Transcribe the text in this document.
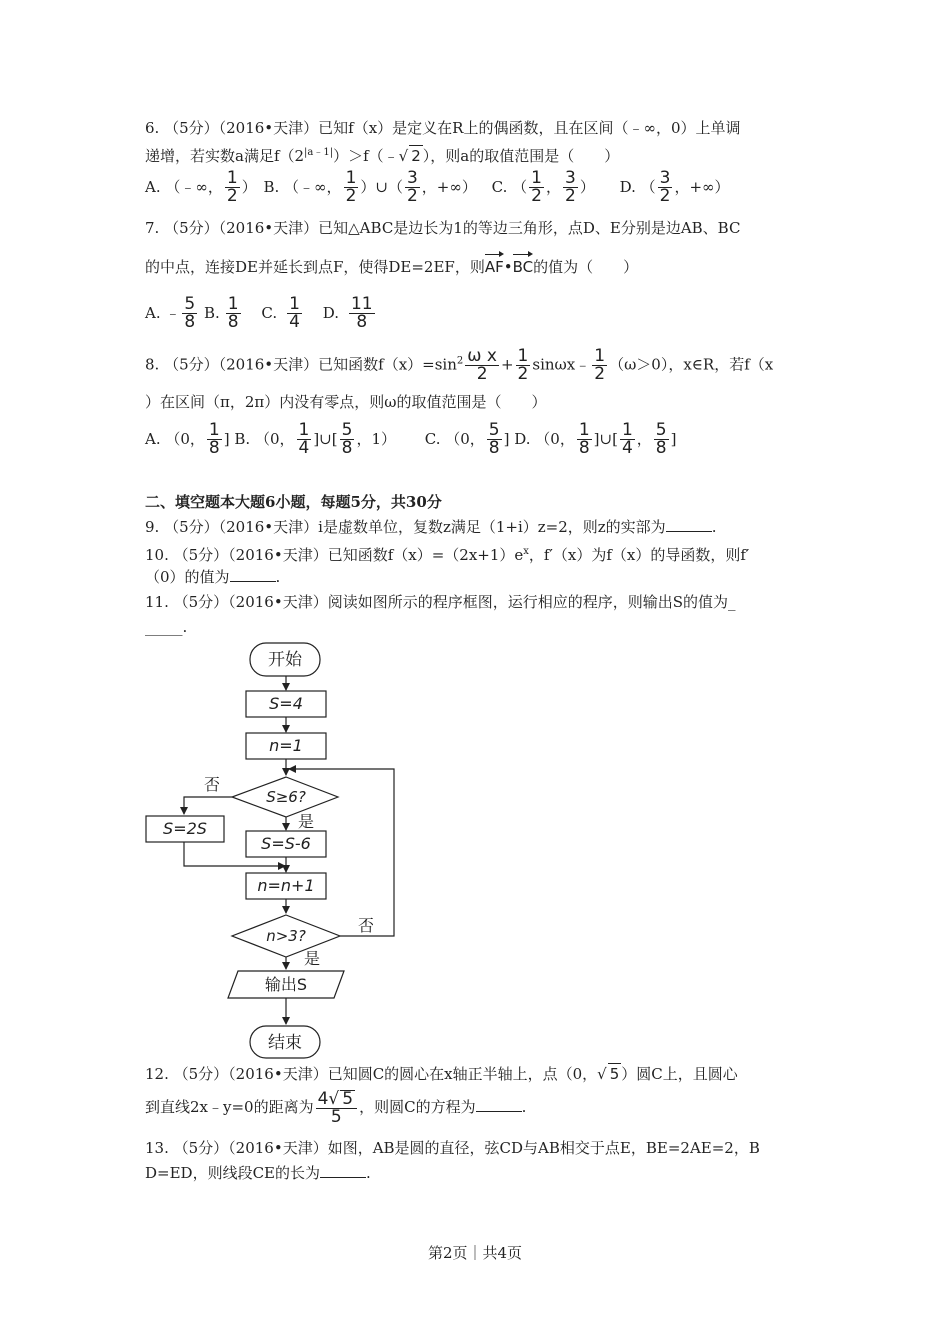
6. （5分）（2016•天津）已知f（x）是定义在R上的偶函数，且在区间（﹣∞，0）上单调
递增，若实数a满足$f(2^{|a﹣1|})>f(﹣√$ 2 ），则a的取值范围是（　　）
A. （﹣∞， $\frac{1}{2}$ ） B. （﹣∞， $\frac{1}{2}$ ）∪（ $\frac{3}{2}$ ，+∞） C. （ $\frac{1}{2}$ ， $\frac{3}{2}$ ） D. （ $\frac{3}{2}$ ，+∞）
7. （5分）（2016•天津）已知△ABC是边长为1的等边三角形，点D、E分别是边AB、BC
的中点，连接DE并延长到点F，使得DE=2EF，则AF•BC的值为（　　）
A. ﹣ $\frac{5}{8} B$. $\frac{1}{8} C$. $\frac{1}{4} D$. $\frac{11}{8}$
8. （5分）（2016•天津）已知函数$f(x)=\sin^2 \frac{\text{ω x}}{2} + \frac{1}{2}$ sinωx﹣ $\frac{1}{2} (\omega>0)$，x∈R，若f（x
）在区间（π，2π）内没有零点，则ω的取值范围是（　　）
A. （0， $\frac{1}{8}$ ] B. （0， $\frac{1}{4}$ ]∪[ $\frac{5}{8}$ ，1） C. （0， $\frac{5}{8}$ ] D. （0， $\frac{1}{8}$ ]∪[ $\frac{1}{4}$ ， $\frac{5}{8}$ ]
二、填空题本大题6小题，每题5分，共30分
9. （5分）（2016•天津）i是虚数单位，复数z满足（1+i）z=2，则z的实部为	.
10. （5分）（2016•天津）已知函数$f(x)=(2x+1)e^x$，f′（x）为f（x）的导函数，则f′
（0）的值为	.
11. （5分）（2016•天津）阅读如图所示的程序框图，运行相应的程序，则输出S的值为_
_____.
开始
S=4
n=1
S≥6?
否
是
S=2S
S=S-6
n=n+1
n>3?
否
是
输出S
结束
12. （5分）（2016•天津）已知圆C的圆心在x轴正半轴上，点（0，√ 5 ）圆C上，且圆心
到直线2x﹣y=0的距离为 $\frac{4√ 5}{5}$ ，则圆C的方程为	.
13. （5分）（2016•天津）如图，AB是圆的直径，弦CD与AB相交于点E，BE=2AE=2，B
D=ED，则线段CE的长为	.
第2页｜共4页
